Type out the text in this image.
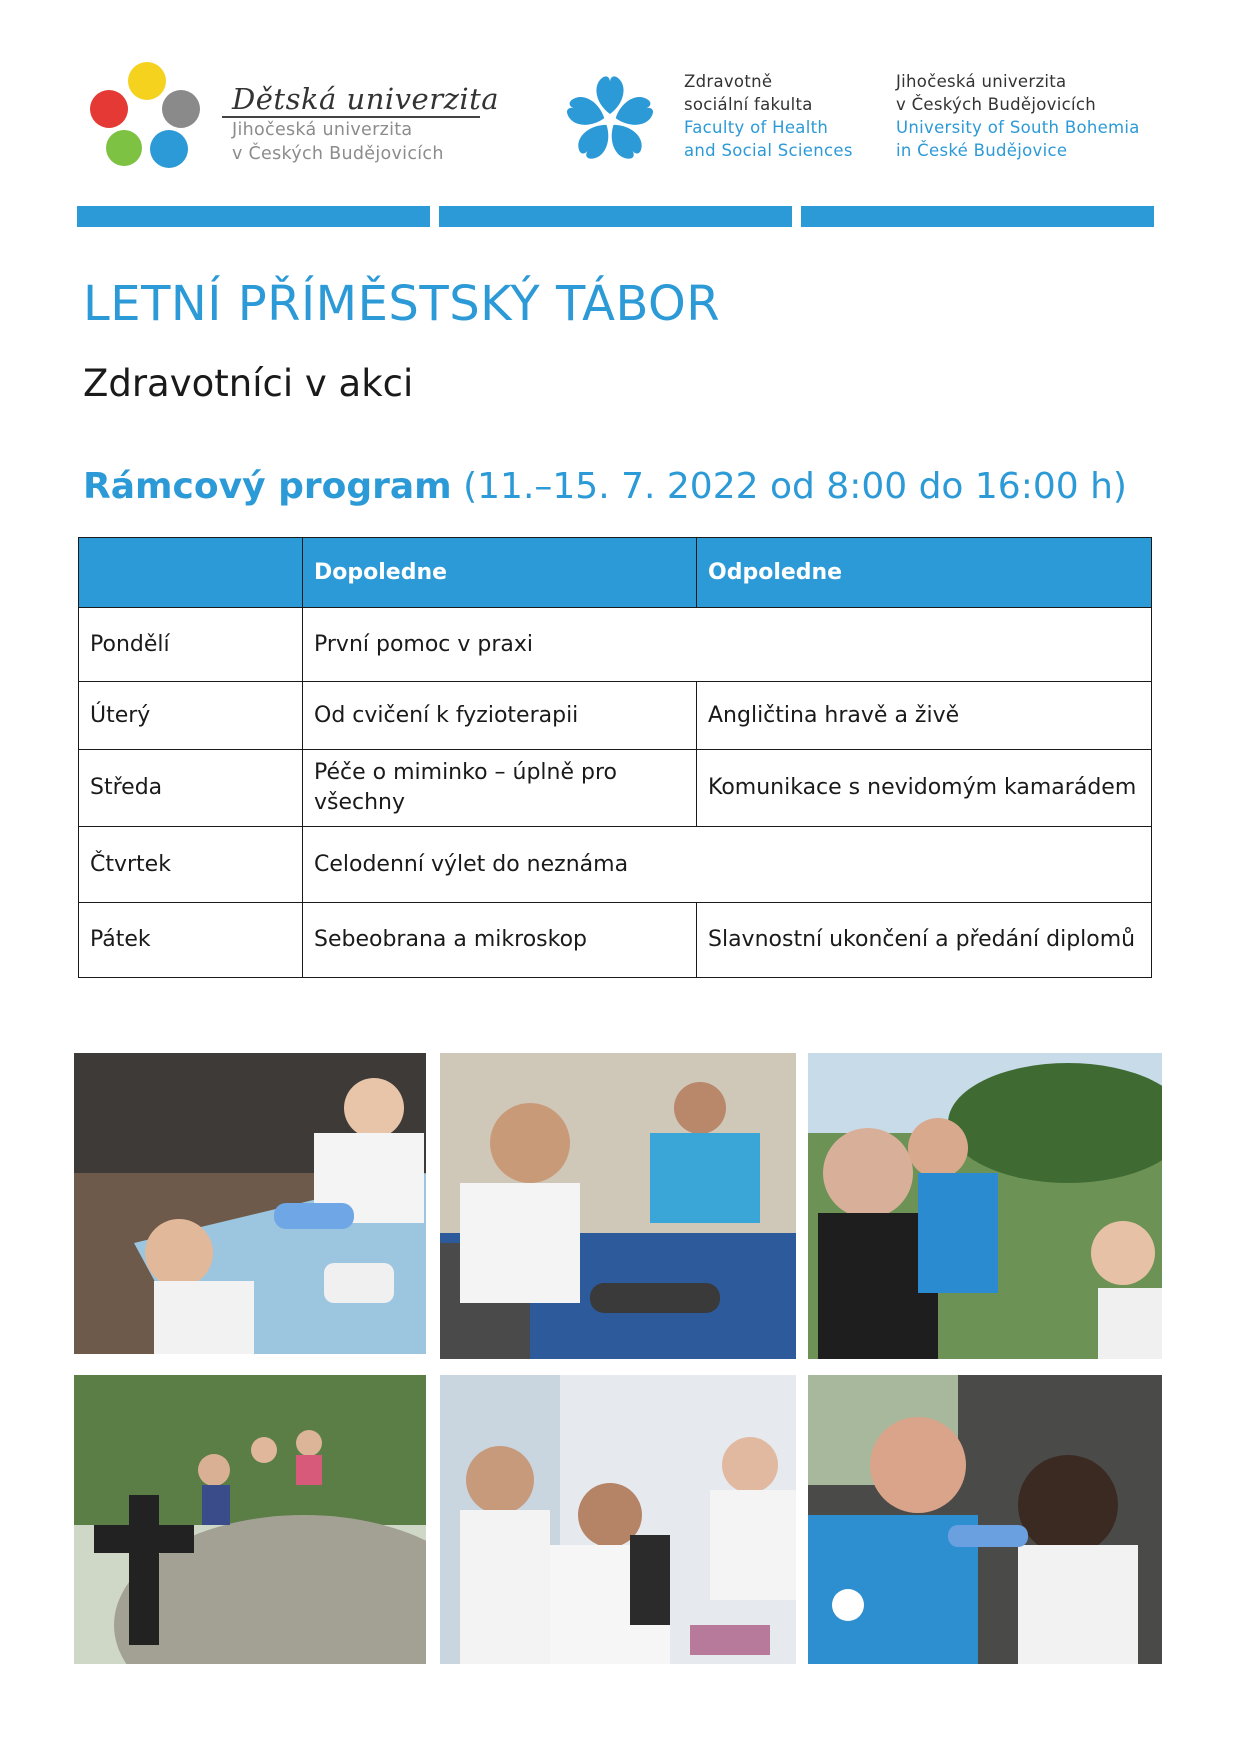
Dětská univerzita
Jihočeská univerzita
v Českých Budějovicích
Zdravotně
sociální fakulta
Faculty of Health
and Social Sciences
Jihočeská univerzita
v Českých Budějovicích
University of South Bohemia
in České Budějovice
LETNÍ PŘÍMĚSTSKÝ TÁBOR
Zdravotníci v akci
Rámcový program (11.–15. 7. 2022 od 8:00 do 16:00 h)
	Dopoledne	Odpoledne
Pondělí	První pomoc v praxi	
Úterý	Od cvičení k fyzioterapii	Angličtina hravě a živě
Středa	Péče o miminko – úplně pro všechny	Komunikace s nevidomým kamarádem
Čtvrtek	Celodenní výlet do neznáma	
Pátek	Sebeobrana a mikroskop	Slavnostní ukončení a předání diplomů
